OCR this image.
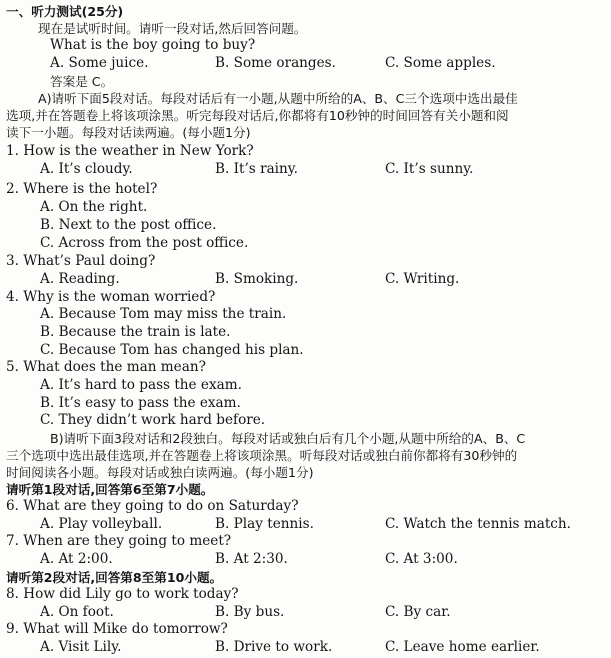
一、听力测试(25分)
现在是试听时间。请听一段对话,然后回答问题。
What is the boy going to buy?
A. Some juice.	B. Some oranges.	C. Some apples.
答案是 C。
A)请听下面5段对话。每段对话后有一小题,从题中所给的A、B、C三个选项中选出最佳
选项,并在答题卷上将该项涂黑。听完每段对话后,你都将有10秒钟的时间回答有关小题和阅
读下一小题。每段对话读两遍。(每小题1分)
1. How is the weather in New York?
A. It’s cloudy.	B. It’s rainy.	C. It’s sunny.
2. Where is the hotel?
A. On the right.
B. Next to the post office.
C. Across from the post office.
3. What’s Paul doing?
A. Reading.	B. Smoking.	C. Writing.
4. Why is the woman worried?
A. Because Tom may miss the train.
B. Because the train is late.
C. Because Tom has changed his plan.
5. What does the man mean?
A. It’s hard to pass the exam.
B. It’s easy to pass the exam.
C. They didn’t work hard before.
B)请听下面3段对话和2段独白。每段对话或独白后有几个小题,从题中所给的A、B、C
三个选项中选出最佳选项,并在答题卷上将该项涂黑。听每段对话或独白前你都将有30秒钟的
时间阅读各小题。每段对话或独白读两遍。(每小题1分)
请听第1段对话,回答第6至第7小题。
6. What are they going to do on Saturday?
A. Play volleyball.	B. Play tennis.	C. Watch the tennis match.
7. When are they going to meet?
A. At 2:00.	B. At 2:30.	C. At 3:00.
请听第2段对话,回答第8至第10小题。
8. How did Lily go to work today?
A. On foot.	B. By bus.	C. By car.
9. What will Mike do tomorrow?
A. Visit Lily.	B. Drive to work.	C. Leave home earlier.
